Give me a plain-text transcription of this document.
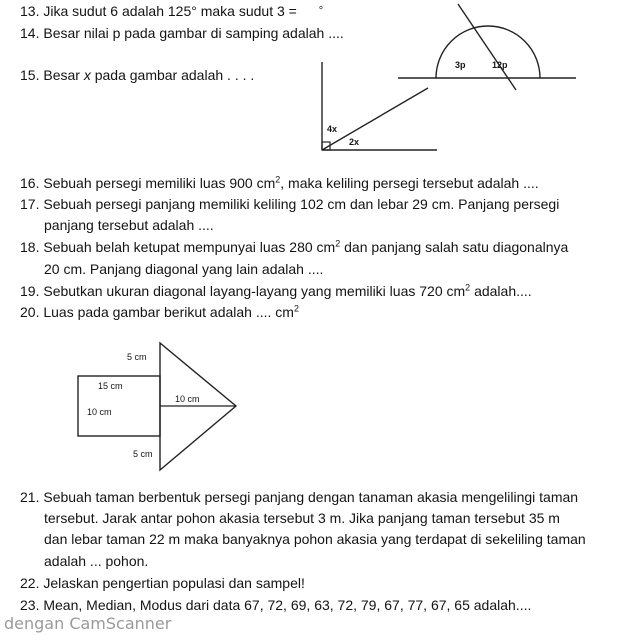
13. Jika sudut 6 adalah 125° maka sudut 3 = °
14. Besar nilai p pada gambar di samping adalah ....
15. Besar x pada gambar adalah . . . .
3p	12p
4x
2x
16. Sebuah persegi memiliki luas 900 $cm^2$, maka keliling persegi tersebut adalah ....
17. Sebuah persegi panjang memiliki keliling 102 cm dan lebar 29 cm. Panjang persegi
panjang tersebut adalah ....
18. Sebuah belah ketupat mempunyai luas 280 $cm^2$ dan panjang salah satu diagonalnya
20 cm. Panjang diagonal yang lain adalah ....
19. Sebutkan ukuran diagonal layang-layang yang memiliki luas 720 $cm^2$ adalah....
20. Luas pada gambar berikut adalah .... $cm^2$
5 cm
15 cm
10 cm
10 cm
5 cm
21. Sebuah taman berbentuk persegi panjang dengan tanaman akasia mengelilingi taman
tersebut. Jarak antar pohon akasia tersebut 3 m. Jika panjang taman tersebut 35 m
dan lebar taman 22 m maka banyaknya pohon akasia yang terdapat di sekeliling taman
adalah ... pohon.
22. Jelaskan pengertian populasi dan sampel!
23. Mean, Median, Modus dari data 67, 72, 69, 63, 72, 79, 67, 77, 67, 65 adalah....
dengan CamScanner
